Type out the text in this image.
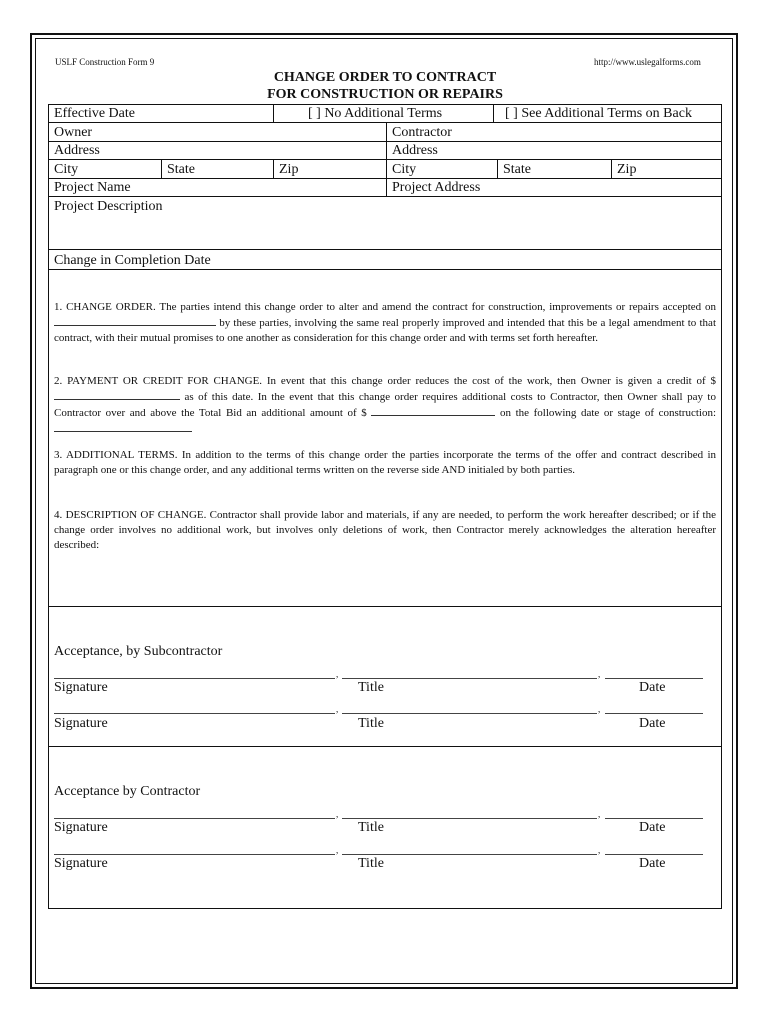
USLF Construction Form 9	http://www.uslegalforms.com
CHANGE ORDER TO CONTRACT
FOR CONSTRUCTION OR REPAIRS
Effective Date	[ ] No Additional Terms	[ ] See Additional Terms on Back
Owner	Contractor
Address	Address
City	State	Zip	City	State	Zip
Project Name	Project Address
Project Description
Change in Completion Date
1. CHANGE ORDER. The parties intend this change order to alter and amend the contract for construction, improvements or repairs accepted on  by these parties, involving the same real properly improved and intended that this be a legal amendment to that contract, with their mutual promises to one another as consideration for this change order and with terms set forth hereafter.
2. PAYMENT OR CREDIT FOR CHANGE. In event that this change order reduces the cost of the work, then Owner is given a credit of $  as of this date. In the event that this change order requires additional costs to Contractor, then Owner shall pay to Contractor over and above the Total Bid an additional amount of $	on the following date or stage of construction:
3. ADDITIONAL TERMS. In addition to the terms of this change order the parties incorporate the terms of the offer and contract described in paragraph one or this change order, and any additional terms written on the reverse side AND initialed by both parties.
4. DESCRIPTION OF CHANGE. Contractor shall provide labor and materials, if any are needed, to perform the work hereafter described; or if the change order involves no additional work, but involves only deletions of work, then Contractor merely acknowledges the alteration hereafter described:
Acceptance, by Subcontractor
,	,
Signature	Title	Date
,	,
Signature	Title	Date
Acceptance by Contractor
,	,
Signature	Title	Date
,	,
Signature	Title	Date
